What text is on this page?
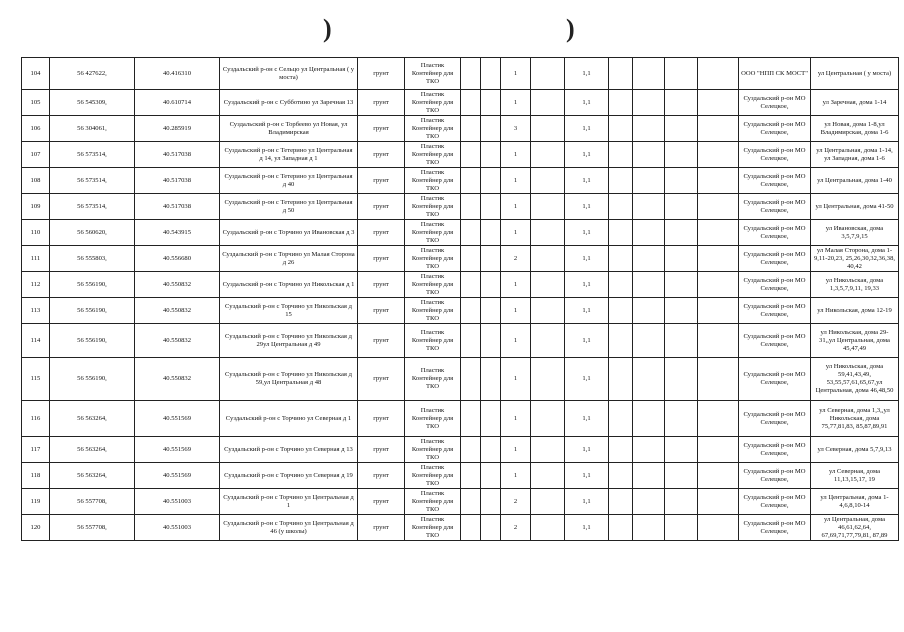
)	)
104	56 427622,	40.416310	Суздальский р-он с Сельцо ул Центральная ( у моста)	грунт	Пластик Контейнер для ТКО			1		1,1					ООО "НПП СК МОСТ"	ул Центральная ( у моста)
105	56 545309,	40.610714	Суздальский р-он с Субботино ул Заречная 13	грунт	Пластик Контейнер для ТКО			1		1,1					Суздальский р-он МО Селецкое,	ул Заречная, дома 1-14
106	56 304061,	40.285919	Суздальский р-он с Торбеево ул Новая, ул Владимирская	грунт	Пластик Контейнер для ТКО			3		1,1					Суздальский р-он МО Селецкое,	ул Новая, дома 1-8,ул Владимирская, дома 1-6
107	56 573514,	40.517038	Суздальский р-он с Тетерино ул Центральная д 14, ул Западная д 1	грунт	Пластик Контейнер для ТКО			1		1,1					Суздальский р-он МО Селецкое,	ул Центральная, дома 1-14, ул Западная, дома 1-6
108	56 573514,	40.517038	Суздальский р-он с Тетерино ул Центральная д 40	грунт	Пластик Контейнер для ТКО			1		1,1					Суздальский р-он МО Селецкое,	ул Центральная, дома 1-40
109	56 573514,	40.517038	Суздальский р-он с Тетерино ул Центральная д 50	грунт	Пластик Контейнер для ТКО			1		1,1					Суздальский р-он МО Селецкое,	ул Центральная, дома 41-50
110	56 560620,	40.543915	Суздальский р-он с Торчино ул Ивановская д 3	грунт	Пластик Контейнер для ТКО			1		1,1					Суздальский р-он МО Селецкое,	ул Ивановская, дома 3,5,7,9,15
111	56 555803,	40.556680	Суздальский р-он с Торчино ул Малая Сторона д 26	грунт	Пластик Контейнер для ТКО			2		1,1					Суздальский р-он МО Селецкое,	ул Малая Сторона, дома 1-9,11-20,23, 25,26,30,32,36,38, 40,42
112	56 556190,	40.550832	Суздальский р-он с Торчино ул Никольская д 1	грунт	Пластик Контейнер для ТКО			1		1,1					Суздальский р-он МО Селецкое,	ул Никольская, дома 1,3,5,7,9,11, 19,33
113	56 556190,	40.550832	Суздальский р-он с Торчино ул Никольская д 15	грунт	Пластик Контейнер для ТКО			1		1,1					Суздальский р-он МО Селецкое,	ул Никольская, дома 12-19
114	56 556190,	40.550832	Суздальский р-он с Торчино ул Никольская д 29ул Центральная д 49	грунт	Пластик Контейнер для ТКО			1		1,1					Суздальский р-он МО Селецкое,	ул Никольская, дома 29-31,,ул Центральная, дома 45,47,49
115	56 556190,	40.550832	Суздальский р-он с Торчино ул Никольская д 59,ул Центральная д 48	грунт	Пластик Контейнер для ТКО			1		1,1					Суздальский р-он МО Селецкое,	ул Никольская, дома 59,41,43,49, 53,55,57,61,65,67,ул Центральная, дома 46,48,50
116	56 563264,	40.551569	Суздальский р-он с Торчино ул Северная д 1	грунт	Пластик Контейнер для ТКО			1		1,1					Суздальский р-он МО Селецкое,	ул Северная, дома 1,3,,ул Никольская, дома 75,77,81,83, 85,87,89,91
117	56 563264,	40.551569	Суздальский р-он с Торчино ул Северная д 13	грунт	Пластик Контейнер для ТКО			1		1,1					Суздальский р-он МО Селецкое,	ул Северная, дома 5,7,9,13
118	56 563264,	40.551569	Суздальский р-он с Торчино ул Северная д 19	грунт	Пластик Контейнер для ТКО			1		1,1					Суздальский р-он МО Селецкое,	ул Северная, дома 11,13,15,17, 19
119	56 557708,	40.551003	Суздальский р-он с Торчино ул Центральная д 1	грунт	Пластик Контейнер для ТКО			2		1,1					Суздальский р-он МО Селецкое,	ул Центральная, дома 1-4,6,8,10-14
120	56 557708,	40.551003	Суздальский р-он с Торчино ул Центральная д 46 (у школы)	грунт	Пластик Контейнер для ТКО			2		1,1					Суздальский р-он МО Селецкое,	ул Центральная, дома 46,61,62,64, 67,69,71,77,79,81, 87,89
